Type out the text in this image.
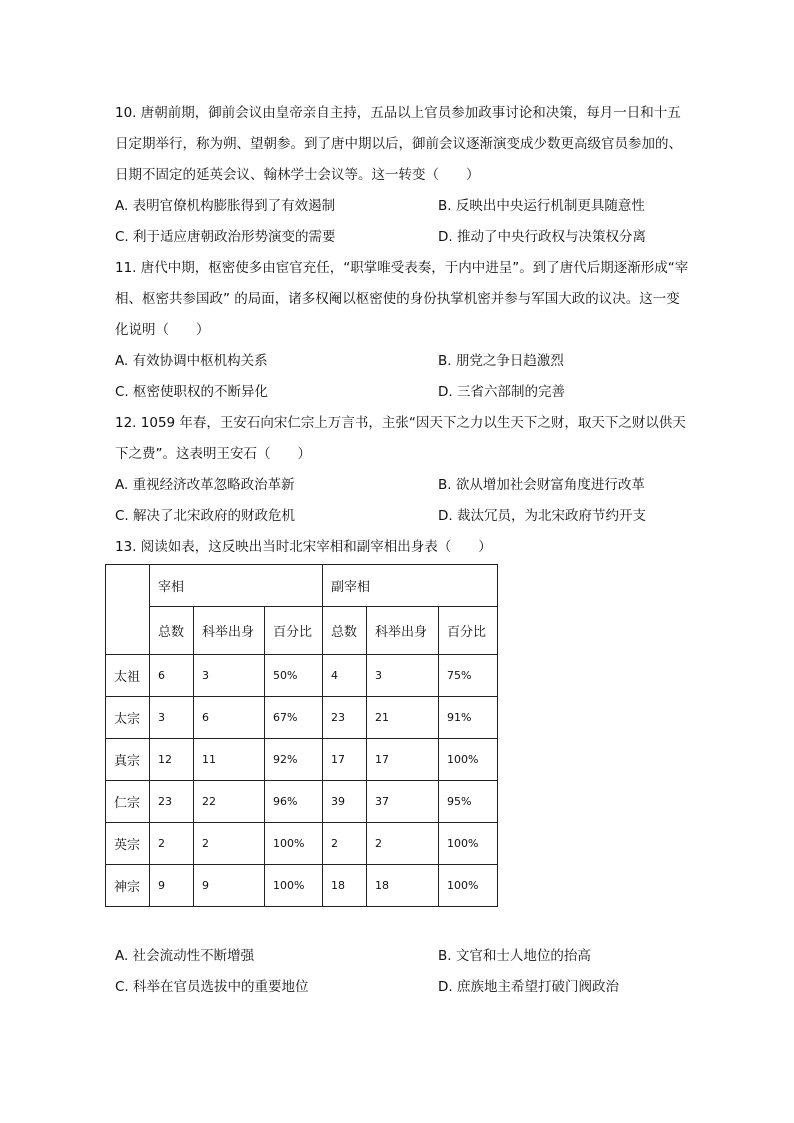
10. 唐朝前期，御前会议由皇帝亲自主持，五品以上官员参加政事讨论和决策，每月一日和十五
日定期举行，称为朔、望朝参。到了唐中期以后，御前会议逐渐演变成少数更高级官员参加的、
日期不固定的延英会议、翰林学士会议等。这一转变（　　）
A. 表明官僚机构膨胀得到了有效遏制	B. 反映出中央运行机制更具随意性
C. 利于适应唐朝政治形势演变的需要	D. 推动了中央行政权与决策权分离
11. 唐代中期，枢密使多由宦官充任，“职掌唯受表奏，于内中进呈”。到了唐代后期逐渐形成“宰
相、枢密共参国政” 的局面，诸多权阉以枢密使的身份执掌机密并参与军国大政的议决。这一变
化说明（　　）
A. 有效协调中枢机构关系	B. 朋党之争日趋激烈
C. 枢密使职权的不断异化	D. 三省六部制的完善
12. 1059 年春，王安石向宋仁宗上万言书，主张“因天下之力以生天下之财，取天下之财以供天
下之费”。这表明王安石（　　）
A. 重视经济改革忽略政治革新	B. 欲从增加社会财富角度进行改革
C. 解决了北宋政府的财政危机	D. 裁汰冗员，为北宋政府节约开支
13. 阅读如表，这反映出当时北宋宰相和副宰相出身表（　　）
	宰相			副宰相		
	总数	科举出身	百分比	总数	科举出身	百分比
太祖	6	3	50%	4	3	75%
太宗	3	6	67%	23	21	91%
真宗	12	11	92%	17	17	100%
仁宗	23	22	96%	39	37	95%
英宗	2	2	100%	2	2	100%
神宗	9	9	100%	18	18	100%
A. 社会流动性不断增强	B. 文官和士人地位的抬高
C. 科举在官员选拔中的重要地位	D. 庶族地主希望打破门阀政治
